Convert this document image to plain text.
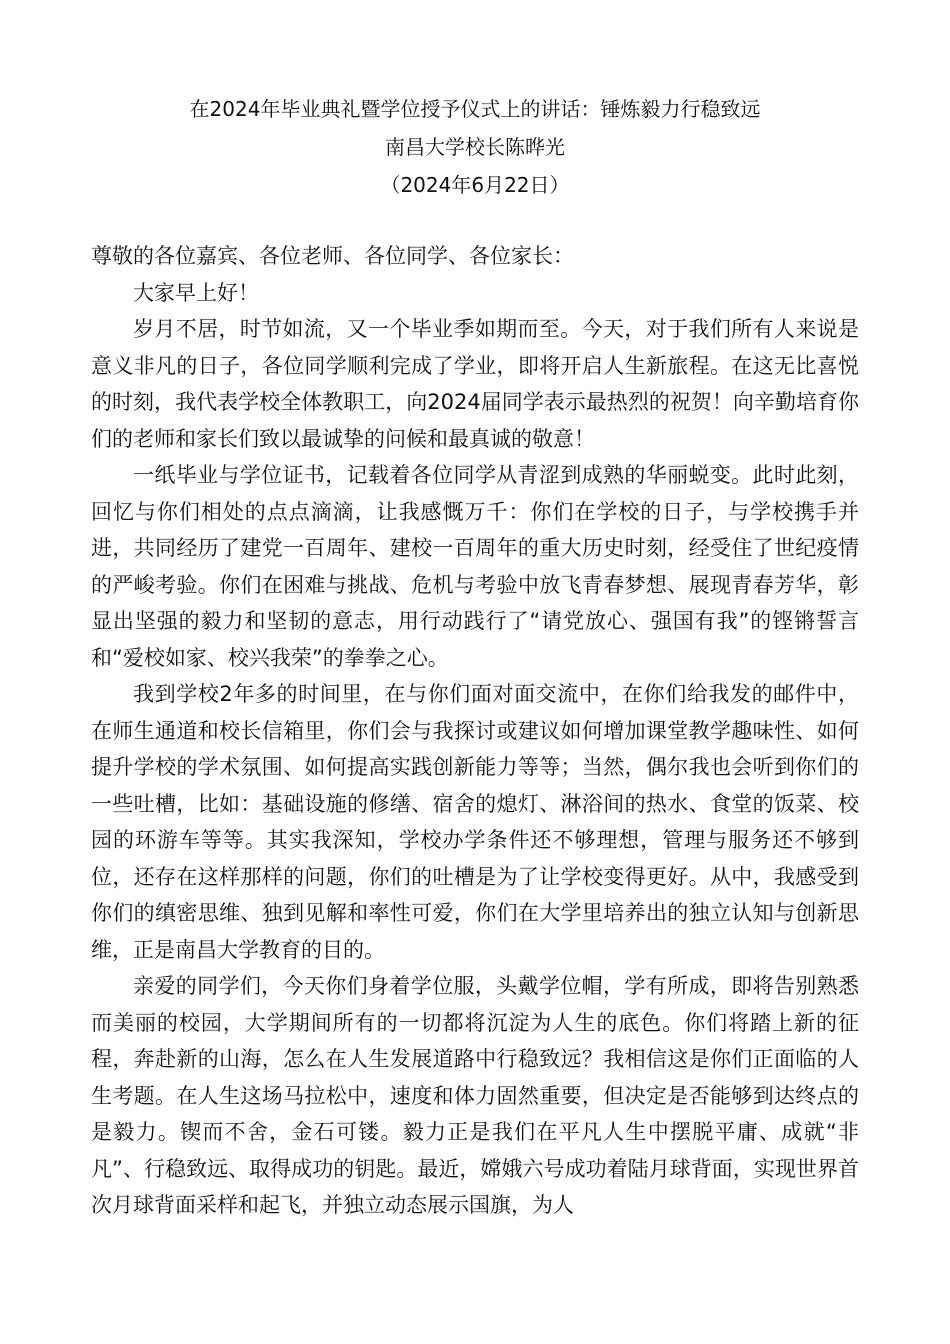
在2024年毕业典礼暨学位授予仪式上的讲话：锤炼毅力行稳致远
南昌大学校长陈晔光
（2024年6月22日）
尊敬的各位嘉宾、各位老师、各位同学、各位家长：

大家早上好！

岁月不居，时节如流，又一个毕业季如期而至。今天，对于我们所有人来说是意义非凡的日子，各位同学顺利完成了学业，即将开启人生新旅程。在这无比喜悦的时刻，我代表学校全体教职工，向2024届同学表示最热烈的祝贺！向辛勤培育你们的老师和家长们致以最诚挚的问候和最真诚的敬意！

一纸毕业与学位证书，记载着各位同学从青涩到成熟的华丽蜕变。此时此刻，回忆与你们相处的点点滴滴，让我感慨万千：你们在学校的日子，与学校携手并进，共同经历了建党一百周年、建校一百周年的重大历史时刻，经受住了世纪疫情的严峻考验。你们在困难与挑战、危机与考验中放飞青春梦想、展现青春芳华，彰显出坚强的毅力和坚韧的意志，用行动践行了“请党放心、强国有我”的铿锵誓言和“爱校如家、校兴我荣”的拳拳之心。

我到学校2年多的时间里，在与你们面对面交流中，在你们给我发的邮件中，在师生通道和校长信箱里，你们会与我探讨或建议如何增加课堂教学趣味性、如何提升学校的学术氛围、如何提高实践创新能力等等；当然，偶尔我也会听到你们的一些吐槽，比如：基础设施的修缮、宿舍的熄灯、淋浴间的热水、食堂的饭菜、校园的环游车等等。其实我深知，学校办学条件还不够理想，管理与服务还不够到位，还存在这样那样的问题，你们的吐槽是为了让学校变得更好。从中，我感受到你们的缜密思维、独到见解和率性可爱，你们在大学里培养出的独立认知与创新思维，正是南昌大学教育的目的。

亲爱的同学们，今天你们身着学位服，头戴学位帽，学有所成，即将告别熟悉而美丽的校园，大学期间所有的一切都将沉淀为人生的底色。你们将踏上新的征程，奔赴新的山海，怎么在人生发展道路中行稳致远？我相信这是你们正面临的人生考题。在人生这场马拉松中，速度和体力固然重要，但决定是否能够到达终点的是毅力。锲而不舍，金石可镂。毅力正是我们在平凡人生中摆脱平庸、成就“非凡”、行稳致远、取得成功的钥匙。最近，嫦娥六号成功着陆月球背面，实现世界首次月球背面采样和起飞，并独立动态展示国旗，为人
